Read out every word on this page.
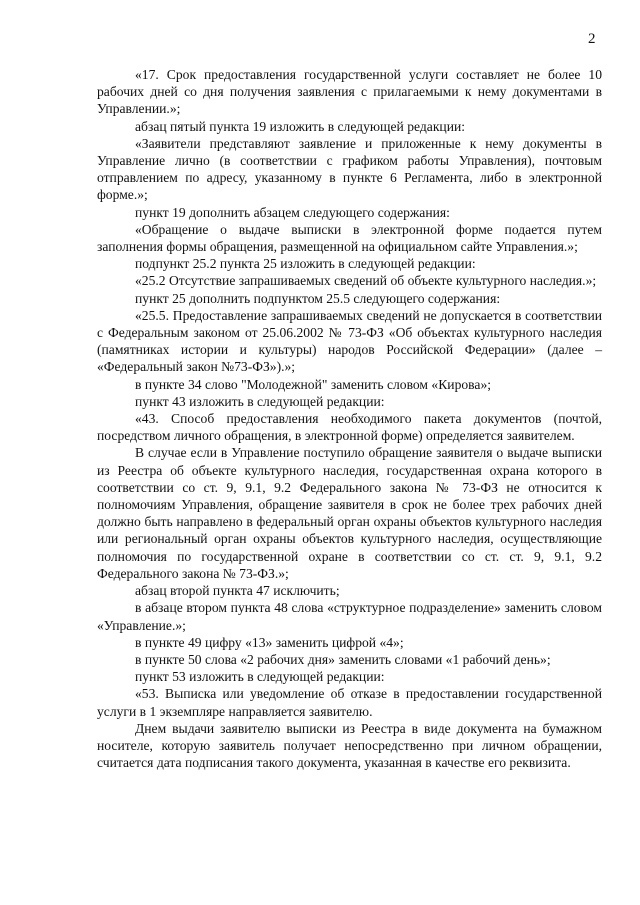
2

«17. Срок предоставления государственной услуги составляет не более 10 рабочих дней со дня получения заявления с прилагаемыми к нему документами в Управлении.»;

абзац пятый пункта 19 изложить в следующей редакции:

«Заявители представляют заявление и приложенные к нему документы в Управление лично (в соответствии с графиком работы Управления), почтовым отправлением по адресу, указанному в пункте 6 Регламента, либо в электронной форме.»;

пункт 19 дополнить абзацем следующего содержания:

«Обращение о выдаче выписки в электронной форме подается путем заполнения формы обращения, размещенной на официальном сайте Управления.»;

подпункт 25.2 пункта 25 изложить в следующей редакции:

«25.2 Отсутствие запрашиваемых сведений об объекте культурного наследия.»;

пункт 25 дополнить подпунктом 25.5 следующего содержания:

«25.5. Предоставление запрашиваемых сведений не допускается в соответствии с Федеральным законом от 25.06.2002 № 73-ФЗ «Об объектах культурного наследия (памятниках истории и культуры) народов Российской Федерации» (далее – «Федеральный закон №73-ФЗ»).»;

в пункте 34 слово "Молодежной" заменить словом «Кирова»;

пункт 43 изложить в следующей редакции:

«43. Способ предоставления необходимого пакета документов (почтой, посредством личного обращения, в электронной форме) определяется заявителем.

В случае если в Управление поступило обращение заявителя о выдаче выписки из Реестра об объекте культурного наследия, государственная охрана которого в соответствии со ст. 9, 9.1, 9.2 Федерального закона № 73-ФЗ не относится к полномочиям Управления, обращение заявителя в срок не более трех рабочих дней должно быть направлено в федеральный орган охраны объектов культурного наследия или региональный орган охраны объектов культурного наследия, осуществляющие полномочия по государственной охране в соответствии со ст. ст. 9, 9.1, 9.2 Федерального закона № 73-ФЗ.»;

абзац второй пункта 47 исключить;

в абзаце втором пункта 48 слова «структурное подразделение» заменить словом «Управление.»;

в пункте 49 цифру «13» заменить цифрой «4»;

в пункте 50 слова «2 рабочих дня» заменить словами «1 рабочий день»;

пункт 53 изложить в следующей редакции:

«53. Выписка или уведомление об отказе в предоставлении государственной услуги в 1 экземпляре направляется заявителю.

Днем выдачи заявителю выписки из Реестра в виде документа на бумажном носителе, которую заявитель получает непосредственно при личном обращении, считается дата подписания такого документа, указанная в качестве его реквизита.
